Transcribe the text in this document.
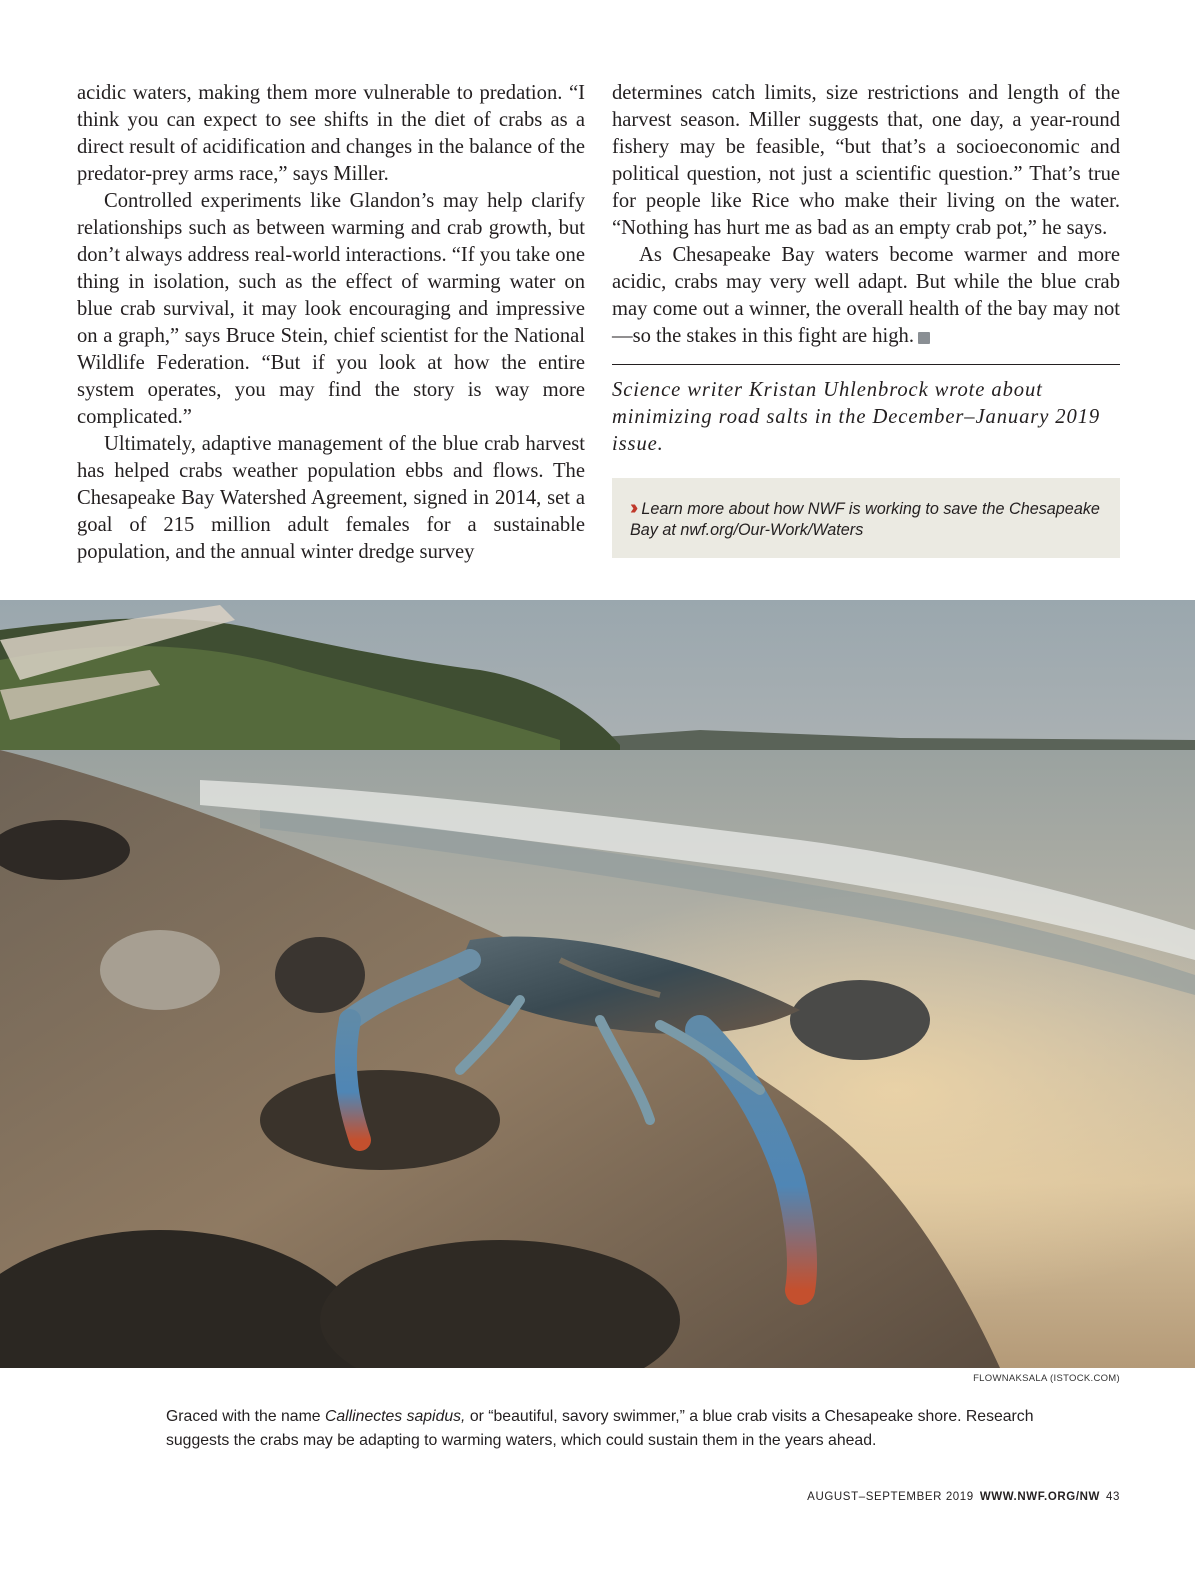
acidic waters, making them more vulnerable to predation. “I think you can expect to see shifts in the diet of crabs as a direct result of acidification and changes in the balance of the predator-prey arms race,” says Miller.

Controlled experiments like Glandon’s may help clarify relationships such as between warming and crab growth, but don’t always address real-world interactions. “If you take one thing in isolation, such as the effect of warming water on blue crab survival, it may look encouraging and impressive on a graph,” says Bruce Stein, chief scientist for the National Wildlife Federation. “But if you look at how the entire system operates, you may find the story is way more complicated.”

Ultimately, adaptive management of the blue crab harvest has helped crabs weather population ebbs and flows. The Chesapeake Bay Watershed Agreement, signed in 2014, set a goal of 215 million adult females for a sustainable population, and the annual winter dredge survey

determines catch limits, size restrictions and length of the harvest season. Miller suggests that, one day, a year-round fishery may be feasible, “but that’s a socioeconomic and political question, not just a scientific question.” That’s true for people like Rice who make their living on the water. “Nothing has hurt me as bad as an empty crab pot,” he says.

As Chesapeake Bay waters become warmer and more acidic, crabs may very well adapt. But while the blue crab may come out a winner, the overall health of the bay may not—so the stakes in this fight are high.	W

Science writer Kristan Uhlenbrock wrote about minimizing road salts in the December–January 2019 issue.

›› Learn more about how NWF is working to save the Chesapeake Bay at nwf.org/Our-Work/Waters
FLOWNAKSALA (ISTOCK.COM)

Graced with the name Callinectes sapidus, or “beautiful, savory swimmer,” a blue crab visits a Chesapeake shore. Research suggests the crabs may be adapting to warming waters, which could sustain them in the years ahead.

AUGUST–SEPTEMBER 2019 WWW.NWF.ORG/NW 43
